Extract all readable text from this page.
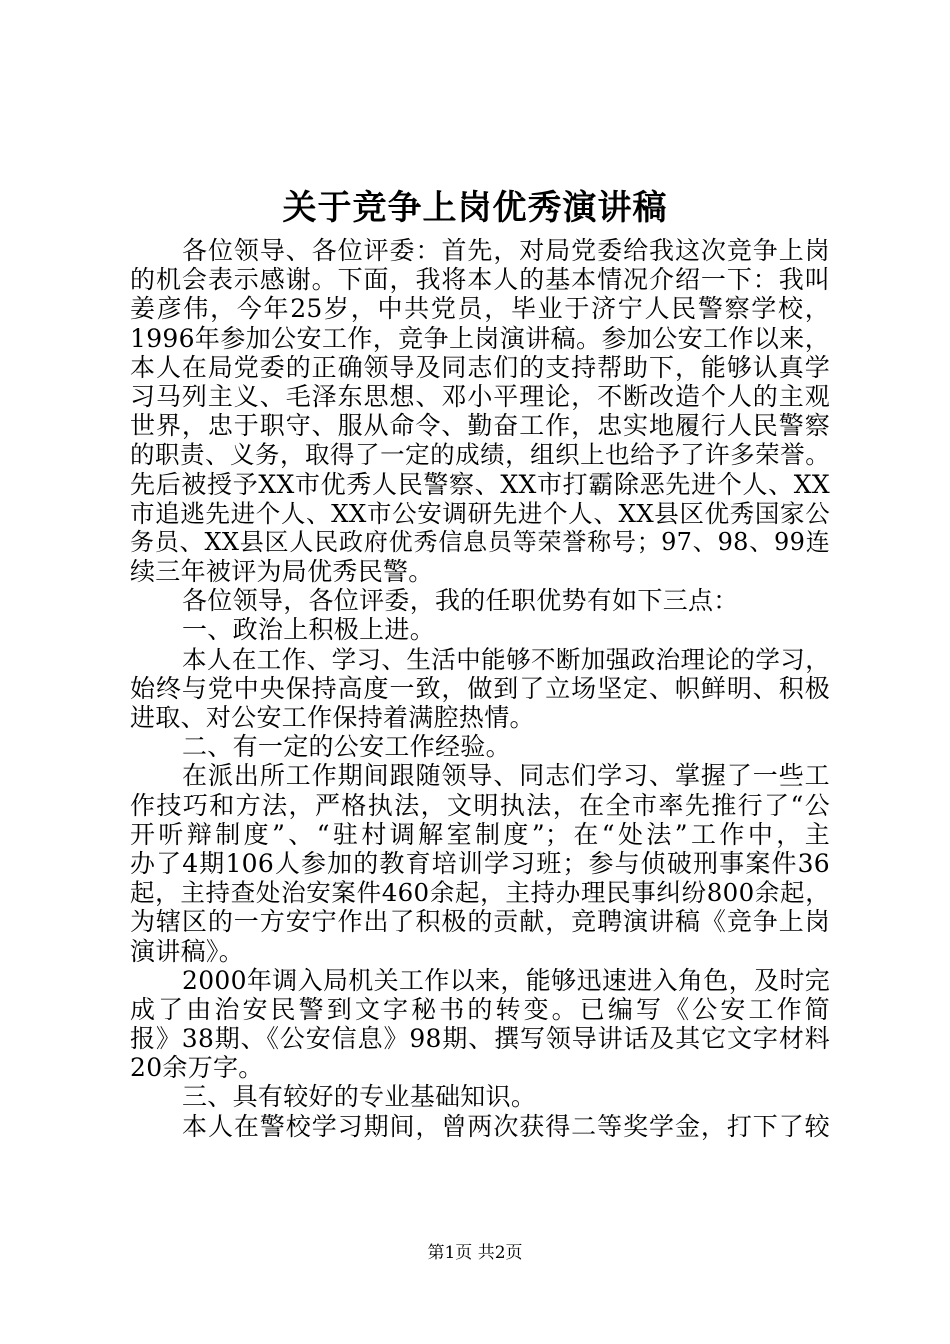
关于竞争上岗优秀演讲稿
各位领导、各位评委：首先，对局党委给我这次竞争上岗
的机会表示感谢。下面，我将本人的基本情况介绍一下：我叫
姜彦伟，今年25岁，中共党员，毕业于济宁人民警察学校，
1996年参加公安工作，竞争上岗演讲稿。参加公安工作以来，
本人在局党委的正确领导及同志们的支持帮助下，能够认真学
习马列主义、毛泽东思想、邓小平理论，不断改造个人的主观
世界，忠于职守、服从命令、勤奋工作，忠实地履行人民警察
的职责、义务，取得了一定的成绩，组织上也给予了许多荣誉。
先后被授予XX市优秀人民警察、XX市打霸除恶先进个人、XX
市追逃先进个人、XX市公安调研先进个人、XX县区优秀国家公
务员、XX县区人民政府优秀信息员等荣誉称号；97、98、99连
续三年被评为局优秀民警。
各位领导，各位评委，我的任职优势有如下三点：
一、政治上积极上进。
本人在工作、学习、生活中能够不断加强政治理论的学习，
始终与党中央保持高度一致，做到了立场坚定、帜鲜明、积极
进取、对公安工作保持着满腔热情。
二、有一定的公安工作经验。
在派出所工作期间跟随领导、同志们学习、掌握了一些工
作技巧和方法，严格执法，文明执法，在全市率先推行了“公
开听辩制度”、“驻村调解室制度”；在“处法”工作中，主
办了4期106人参加的教育培训学习班；参与侦破刑事案件36
起，主持查处治安案件460余起，主持办理民事纠纷800余起，
为辖区的一方安宁作出了积极的贡献，竞聘演讲稿《竞争上岗
演讲稿》。
2000年调入局机关工作以来，能够迅速进入角色，及时完
成了由治安民警到文字秘书的转变。已编写《公安工作简
报》38期、《公安信息》98期、撰写领导讲话及其它文字材料
20余万字。
三、具有较好的专业基础知识。
本人在警校学习期间，曾两次获得二等奖学金，打下了较
第1页 共2页
